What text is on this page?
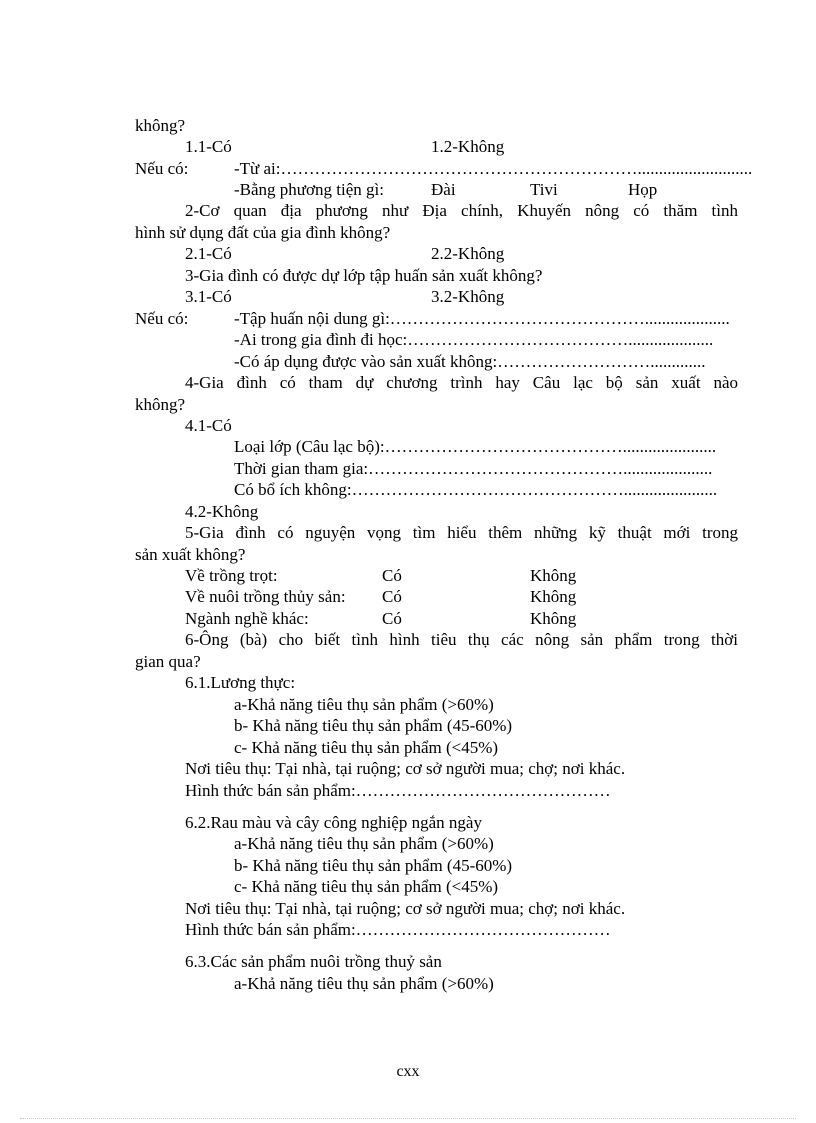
không?
1.1-Có	1.2-Không
Nếu có:	-Từ ai:………………………………………………………...........................
-Bằng phương tiện gì:	Đài	Tivi	Họp
2-Cơ quan địa phương như Địa chính, Khuyến nông có thăm tình
hình sử dụng đất của gia đình không?
2.1-Có	2.2-Không
3-Gia đình có được dự lớp tập huấn sản xuất không?
3.1-Có	3.2-Không
Nếu có:	-Tập huấn nội dung gì:………………………………………....................
-Ai trong gia đình đi học:…………………………………....................
-Có áp dụng được vào sản xuất không:……………………….............
4-Gia đình có tham dự chương trình hay Câu lạc bộ sản xuất nào
không?
4.1-Có
Loại lớp (Câu lạc bộ):……………………………………......................
Thời gian tham gia:……………………………………….....................
Có bổ ích không:…………………………………………......................
4.2-Không
5-Gia đình có nguyện vọng tìm hiểu thêm những kỹ thuật mới trong
sản xuất không?
Về trồng trọt:	Có	Không
Về nuôi trồng thủy sản: Có	Không
Ngành nghề khác:	Có	Không
6-Ông (bà) cho biết tình hình tiêu thụ các nông sản phẩm trong thời
gian qua?
6.1.Lương thực:
a-Khả năng tiêu thụ sản phẩm (>60%)
b- Khả năng tiêu thụ sản phẩm (45-60%)
c- Khả năng tiêu thụ sản phẩm (<45%)
Nơi tiêu thụ: Tại nhà, tại ruộng; cơ sở người mua; chợ; nơi khác.
Hình thức bán sản phẩm:………………………………………
6.2.Rau màu và cây công nghiệp ngắn ngày
a-Khả năng tiêu thụ sản phẩm (>60%)
b- Khả năng tiêu thụ sản phẩm (45-60%)
c- Khả năng tiêu thụ sản phẩm (<45%)
Nơi tiêu thụ: Tại nhà, tại ruộng; cơ sở người mua; chợ; nơi khác.
Hình thức bán sản phẩm:………………………………………
6.3.Các sản phẩm nuôi trồng thuỷ sản
a-Khả năng tiêu thụ sản phẩm (>60%)
cxx
